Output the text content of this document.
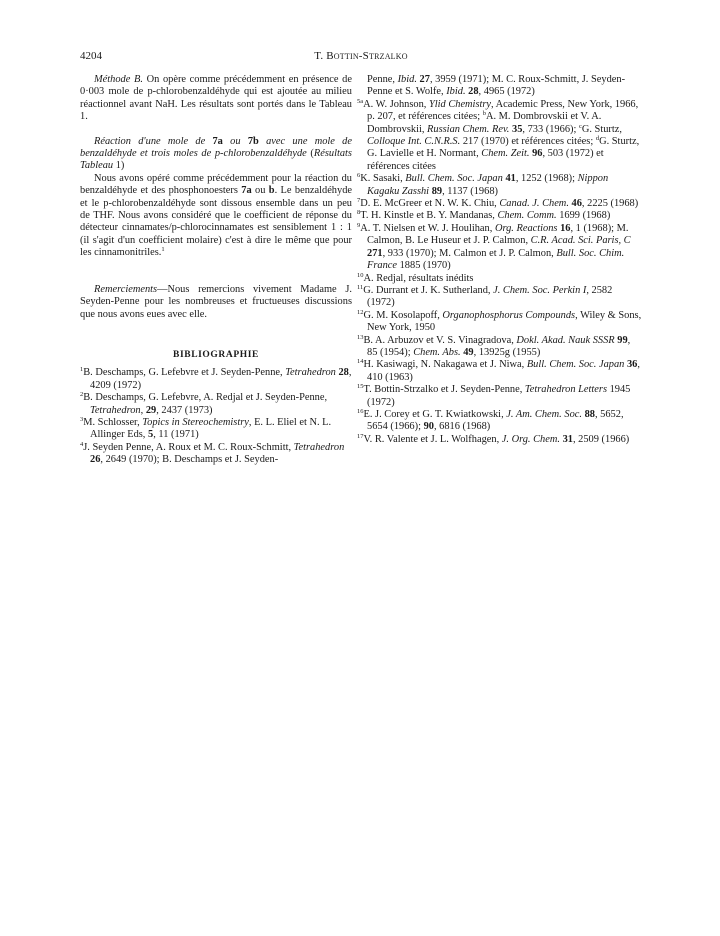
4204	T. Bottin-Strzalko

Méthode B. On opère comme précédemment en présence de 0·003 mole de p-chlorobenzaldéhyde qui est ajoutée au milieu réactionnel avant NaH. Les résultats sont portés dans le Tableau 1.

Réaction d'une mole de 7a ou 7b avec une mole de benzaldéhyde et trois moles de p-chlorobenzaldéhyde (Résultats Tableau 1)

Nous avons opéré comme précédemment pour la réaction du benzaldéhyde et des phosphonoesters 7a ou b. Le benzaldéhyde et le p-chlorobenzaldéhyde sont dissous ensemble dans un peu de THF. Nous avons considéré que le coefficient de réponse du détecteur cinnamates/p-chlorocinnamates est sensiblement 1 : 1 (il s'agit d'un coefficient molaire) c'est à dire le même que pour les cinnamonitriles.$^1$

Remerciements—Nous remercions vivement Madame J. Seyden-Penne pour les nombreuses et fructueuses discussions que nous avons eues avec elle.

BIBLIOGRAPHIE

$^1$B. Deschamps, G. Lefebvre et J. Seyden-Penne, Tetrahedron 28, 4209 (1972)

$^2$B. Deschamps, G. Lefebvre, A. Redjal et J. Seyden-Penne, Tetrahedron, 29, 2437 (1973)

$^3$M. Schlosser, Topics in Stereochemistry, E. L. Eliel et N. L. Allinger Eds, 5, 11 (1971)

$^4$J. Seyden Penne, A. Roux et M. C. Roux-Schmitt, Tetrahedron 26, 2649 (1970); B. Deschamps et J. Seyden-

Penne, Ibid. 27, 3959 (1971); M. C. Roux-Schmitt, J. Seyden-Penne et S. Wolfe, Ibid. 28, 4965 (1972)

$^{5a}$A. W. Johnson, Ylid Chemistry, Academic Press, New York, 1966, p. 207, et références citées; $^b$A. M. Dombrovskii et V. A. Dombrovskii, Russian Chem. Rev. 35, 733 (1966); $^c$G. Sturtz, Colloque Int. C.N.R.S. 217 (1970) et références citées; $^d$G. Sturtz, G. Lavielle et H. Normant, Chem. Zeit. 96, 503 (1972) et références citées

$^6$K. Sasaki, Bull. Chem. Soc. Japan 41, 1252 (1968); Nippon Kagaku Zasshi 89, 1137 (1968)

$^7$D. E. McGreer et N. W. K. Chiu, Canad. J. Chem. 46, 2225 (1968)

$^8$T. H. Kinstle et B. Y. Mandanas, Chem. Comm. 1699 (1968)

$^9$A. T. Nielsen et W. J. Houlihan, Org. Reactions 16, 1 (1968); M. Calmon, B. Le Huseur et J. P. Calmon, C.R. Acad. Sci. Paris, C 271, 933 (1970); M. Calmon et J. P. Calmon, Bull. Soc. Chim. France 1885 (1970)

$^{10}$A. Redjal, résultats inédits

$^{11}$G. Durrant et J. K. Sutherland, J. Chem. Soc. Perkin I, 2582 (1972)

$^{12}$G. M. Kosolapoff, Organophosphorus Compounds, Wiley & Sons, New York, 1950

$^{13}$B. A. Arbuzov et V. S. Vinagradova, Dokl. Akad. Nauk SSSR 99, 85 (1954); Chem. Abs. 49, 13925g (1955)

$^{14}$H. Kasiwagi, N. Nakagawa et J. Niwa, Bull. Chem. Soc. Japan 36, 410 (1963)

$^{15}$T. Bottin-Strzalko et J. Seyden-Penne, Tetrahedron Letters 1945 (1972)

$^{16}$E. J. Corey et G. T. Kwiatkowski, J. Am. Chem. Soc. 88, 5652, 5654 (1966); 90, 6816 (1968)

$^{17}$V. R. Valente et J. L. Wolfhagen, J. Org. Chem. 31, 2509 (1966)
